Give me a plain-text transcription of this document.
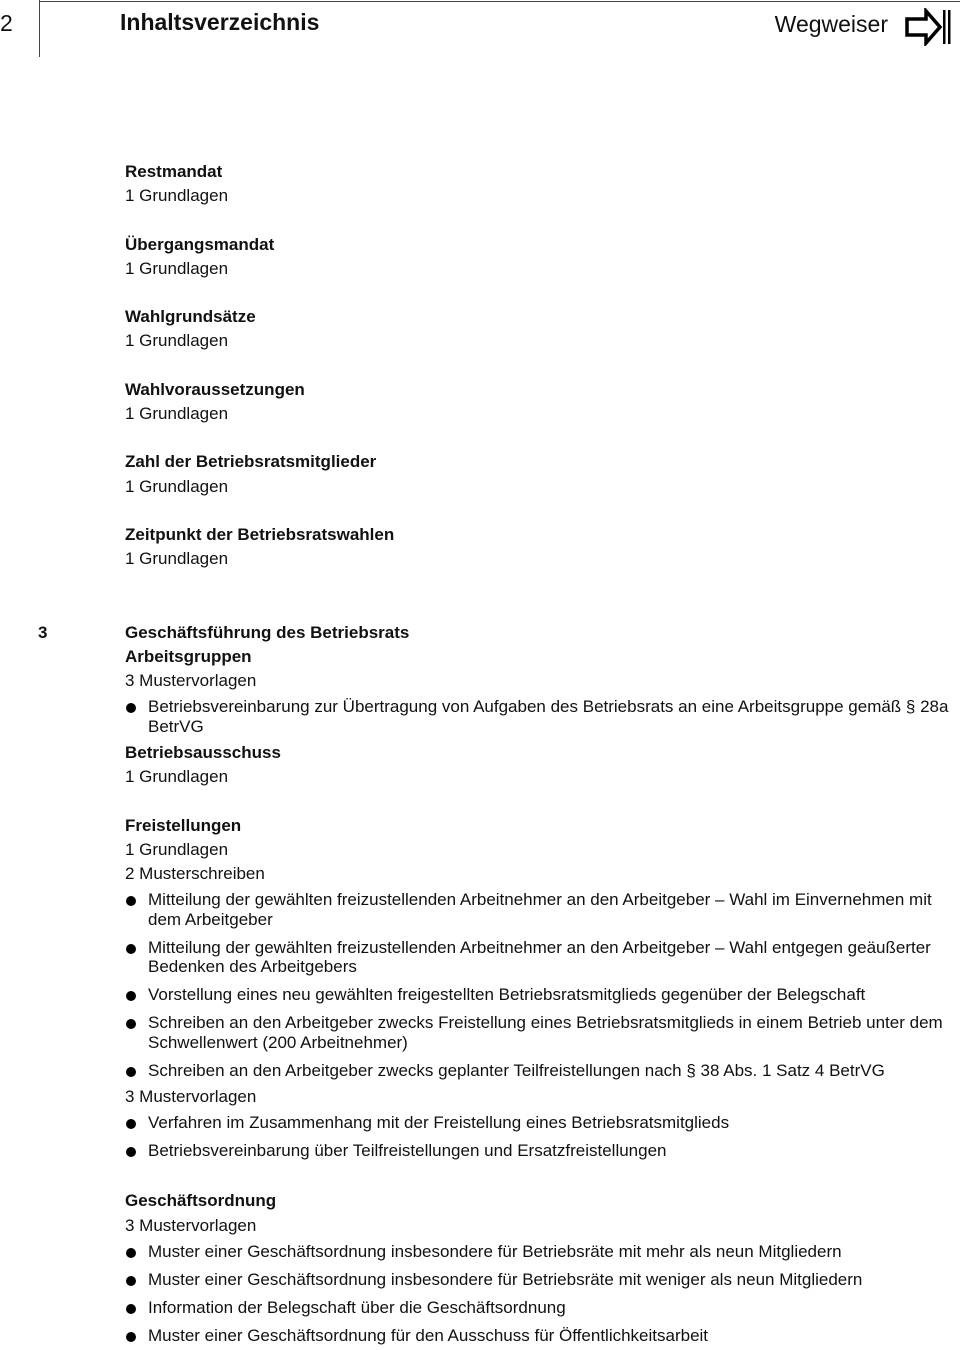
2	Inhaltsverzeichnis	Wegweiser
Restmandat
1 Grundlagen
Übergangsmandat
1 Grundlagen
Wahlgrundsätze
1 Grundlagen
Wahlvoraussetzungen
1 Grundlagen
Zahl der Betriebsratsmitglieder
1 Grundlagen
Zeitpunkt der Betriebsratswahlen
1 Grundlagen
3	Geschäftsführung des Betriebsrats
Arbeitsgruppen
3 Mustervorlagen
Betriebsvereinbarung zur Übertragung von Aufgaben des Betriebsrats an eine Arbeitsgruppe gemäß § 28a BetrVG
Betriebsausschuss
1 Grundlagen
Freistellungen
1 Grundlagen
2 Musterschreiben
Mitteilung der gewählten freizustellenden Arbeitnehmer an den Arbeitgeber – Wahl im Einvernehmen mit dem Arbeitgeber
Mitteilung der gewählten freizustellenden Arbeitnehmer an den Arbeitgeber – Wahl entgegen geäußerter Bedenken des Arbeitgebers
Vorstellung eines neu gewählten freigestellten Betriebsratsmitglieds gegenüber der Belegschaft
Schreiben an den Arbeitgeber zwecks Freistellung eines Betriebsratsmitglieds in einem Betrieb unter dem Schwellenwert (200 Arbeitnehmer)
Schreiben an den Arbeitgeber zwecks geplanter Teilfreistellungen nach § 38 Abs. 1 Satz 4 BetrVG
3 Mustervorlagen
Verfahren im Zusammenhang mit der Freistellung eines Betriebsratsmitglieds
Betriebsvereinbarung über Teilfreistellungen und Ersatzfreistellungen
Geschäftsordnung
3 Mustervorlagen
Muster einer Geschäftsordnung insbesondere für Betriebsräte mit mehr als neun Mitgliedern
Muster einer Geschäftsordnung insbesondere für Betriebsräte mit weniger als neun Mitgliedern
Information der Belegschaft über die Geschäftsordnung
Muster einer Geschäftsordnung für den Ausschuss für Öffentlichkeitsarbeit
